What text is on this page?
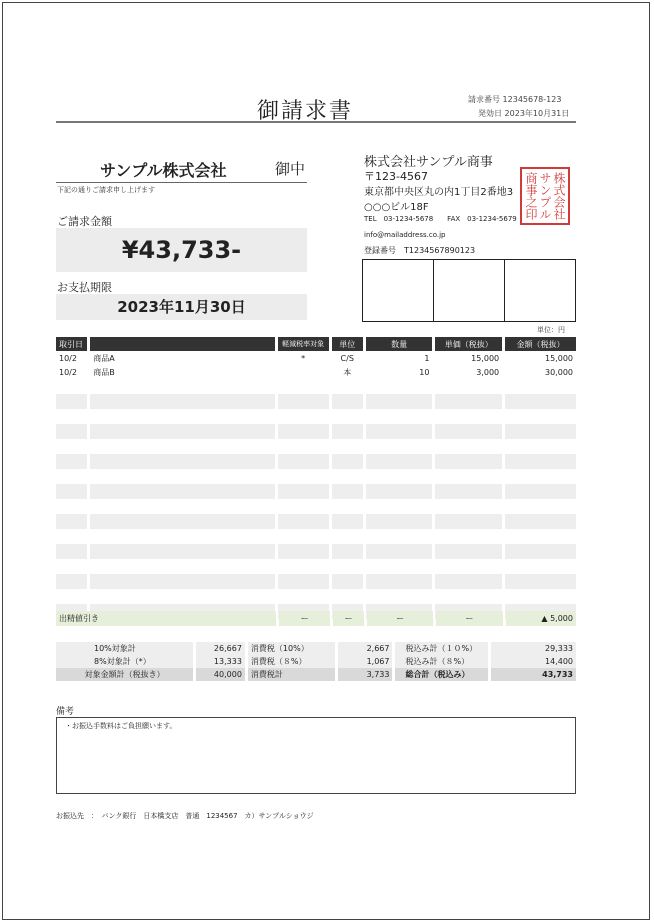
御請求書	請求番号 12345678-123
発効日 2023年10月31日
サンプル株式会社	御中
下記の通りご請求申し上げます
ご請求金額
¥43,733-
お支払期限
2023年11月30日
株式会社サンプル商事
〒123-4567
東京都中央区丸の内1丁目2番地3
○○○ビル18F
TEL　03-1234-5678　　FAX　03-1234-5679
info@mailaddress.co.jp
登録番号　T1234567890123
株式会社
サンプル
商事之印
単位：円
取引日		軽減税率対象	単位	数量	単価（税抜）	金額（税抜）
10/2	商品A	*	C/S	1	15,000	15,000
10/2	商品B		本	10	3,000	30,000

出精値引き	ー	ー	ー	ー	▲ 5,000
10%対象計	26,667	消費税（10%）	2,667	税込み計（１０%）	29,333
8%対象計（*）	13,333	消費税（８%）	1,067	税込み計（８%）	14,400
対象金額計（税抜き）	40,000	消費税計	3,733	総合計（税込み）	43,733
備考
・お振込手数料はご負担願います。
お振込先　：　バンク銀行　日本橋支店　普通　1234567　カ）サンプルショウジ
